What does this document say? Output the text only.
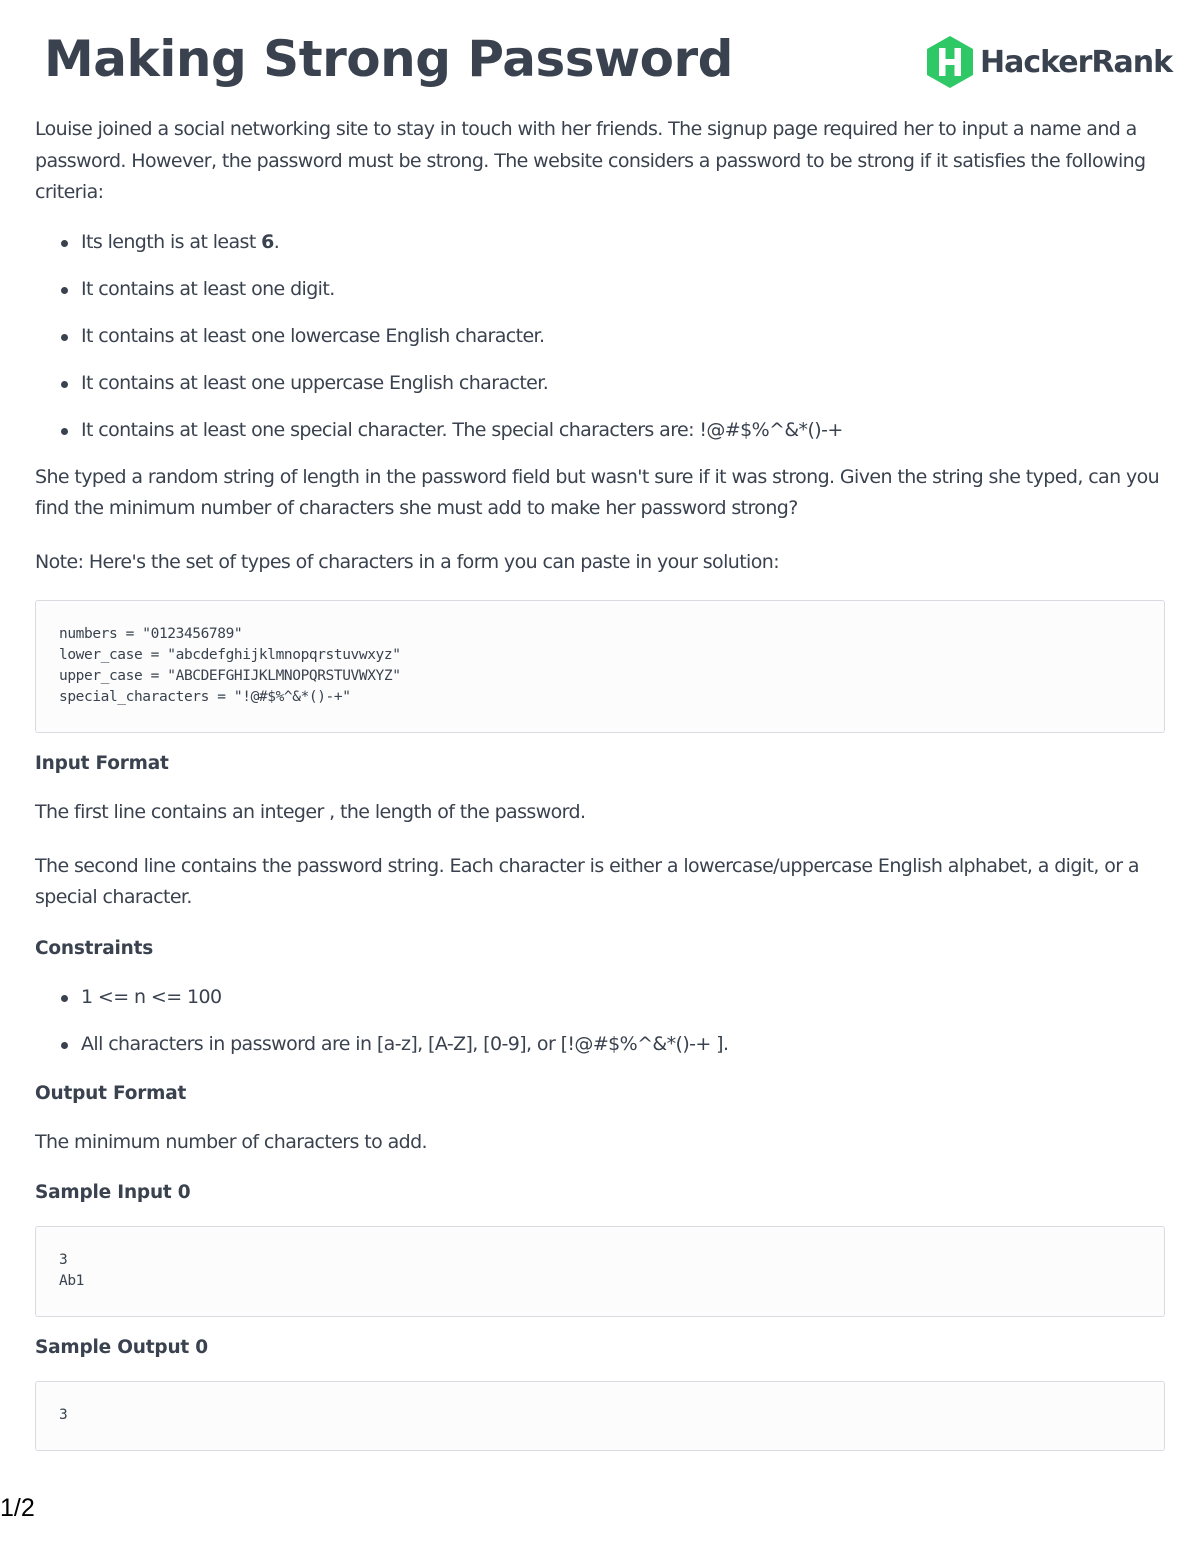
Making Strong Password	HackerRank

Louise joined a social networking site to stay in touch with her friends. The signup page required her to input a name and a password. However, the password must be strong. The website considers a password to be strong if it satisfies the following criteria:

Its length is at least 6.
It contains at least one digit.
It contains at least one lowercase English character.
It contains at least one uppercase English character.
It contains at least one special character. The special characters are: !@#$%^&*()-+

She typed a random string of length in the password field but wasn't sure if it was strong. Given the string she typed, can you find the minimum number of characters she must add to make her password strong?

Note: Here's the set of types of characters in a form you can paste in your solution:

numbers = "0123456789"
lower_case = "abcdefghijklmnopqrstuvwxyz"
upper_case = "ABCDEFGHIJKLMNOPQRSTUVWXYZ"
special_characters = "!@#$%^&*()-+"

Input Format

The first line contains an integer , the length of the password.

The second line contains the password string. Each character is either a lowercase/uppercase English alphabet, a digit, or a special character.

Constraints

1 <= n <= 100
All characters in password are in [a-z], [A-Z], [0-9], or [!@#$%^&*()-+ ].

Output Format

The minimum number of characters to add.

Sample Input 0

3
Ab1

Sample Output 0

3
1/2
